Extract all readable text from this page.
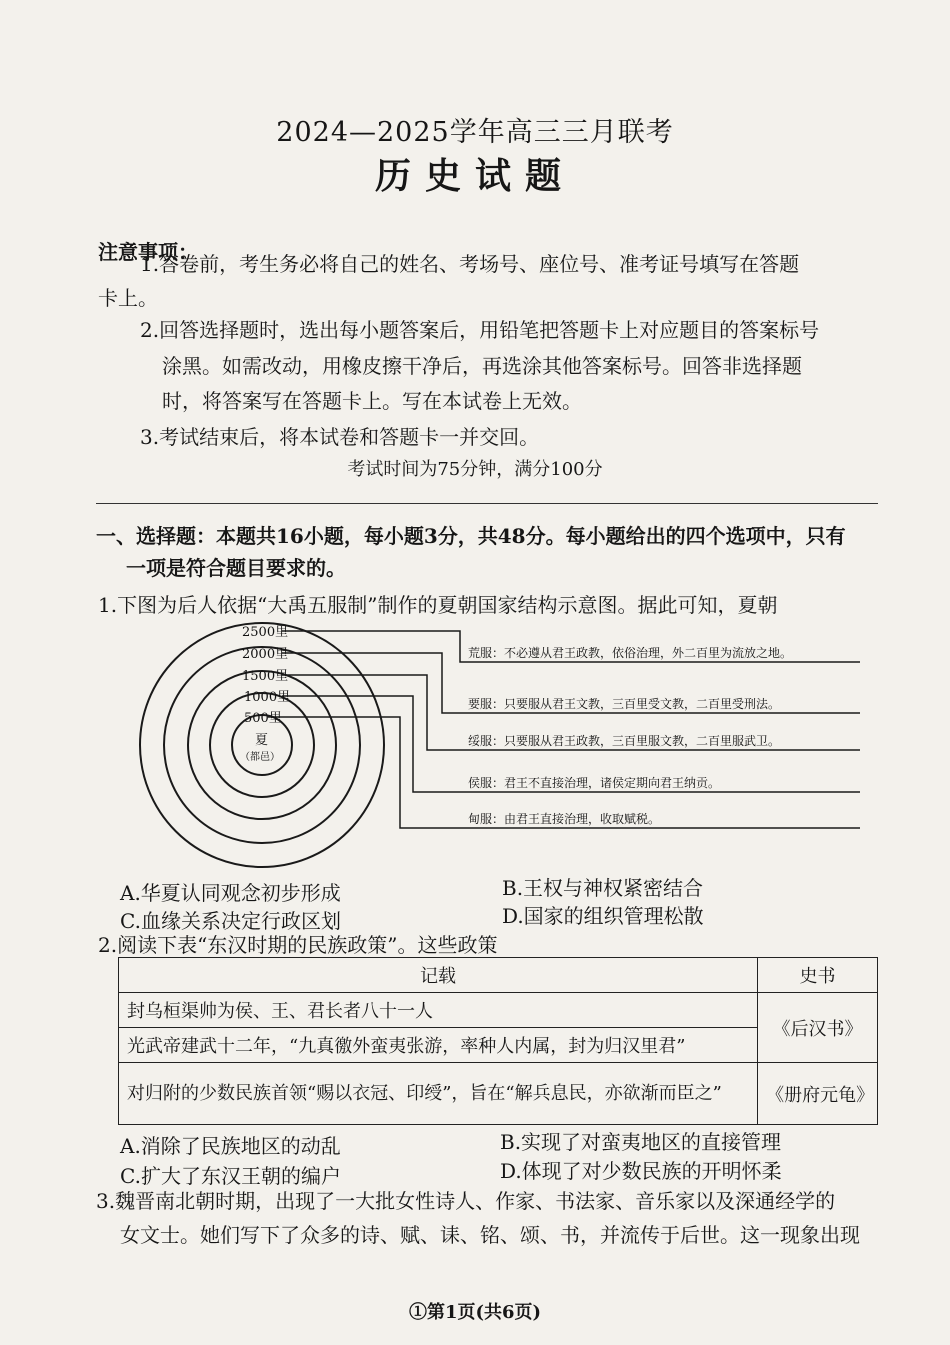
2024—2025学年高三三月联考
历史试题
注意事项：
1.答卷前，考生务必将自己的姓名、考场号、座位号、准考证号填写在答题
卡上。
2.回答选择题时，选出每小题答案后，用铅笔把答题卡上对应题目的答案标号
涂黑。如需改动，用橡皮擦干净后，再选涂其他答案标号。回答非选择题
时，将答案写在答题卡上。写在本试卷上无效。
3.考试结束后，将本试卷和答题卡一并交回。
考试时间为75分钟，满分100分
一、选择题：本题共16小题，每小题3分，共48分。每小题给出的四个选项中，只有
一项是符合题目要求的。
1.下图为后人依据“大禹五服制”制作的夏朝国家结构示意图。据此可知，夏朝
2500里
2000里
1500里
1000里
500里
夏
（都邑）
荒服：不必遵从君王政教，依俗治理，外二百里为流放之地。
要服：只要服从君王文教，三百里受文教，二百里受刑法。
绥服：只要服从君王政教，三百里服文教，二百里服武卫。
侯服：君王不直接治理，诸侯定期向君王纳贡。
甸服：由君王直接治理，收取赋税。
A.华夏认同观念初步形成	B.王权与神权紧密结合
C.血缘关系决定行政区划	D.国家的组织管理松散
2.阅读下表“东汉时期的民族政策”。这些政策
记载	史书
封乌桓渠帅为侯、王、君长者八十一人	《后汉书》
光武帝建武十二年，“九真徼外蛮夷张游，率种人内属，封为归汉里君”	
对归附的少数民族首领“赐以衣冠、印绶”，旨在“解兵息民，亦欲渐而臣之”	《册府元龟》
A.消除了民族地区的动乱	B.实现了对蛮夷地区的直接管理
C.扩大了东汉王朝的编户	D.体现了对少数民族的开明怀柔
3.魏晋南北朝时期，出现了一大批女性诗人、作家、书法家、音乐家以及深通经学的
女文士。她们写下了众多的诗、赋、诔、铭、颂、书，并流传于后世。这一现象出现
①第1页(共6页)
